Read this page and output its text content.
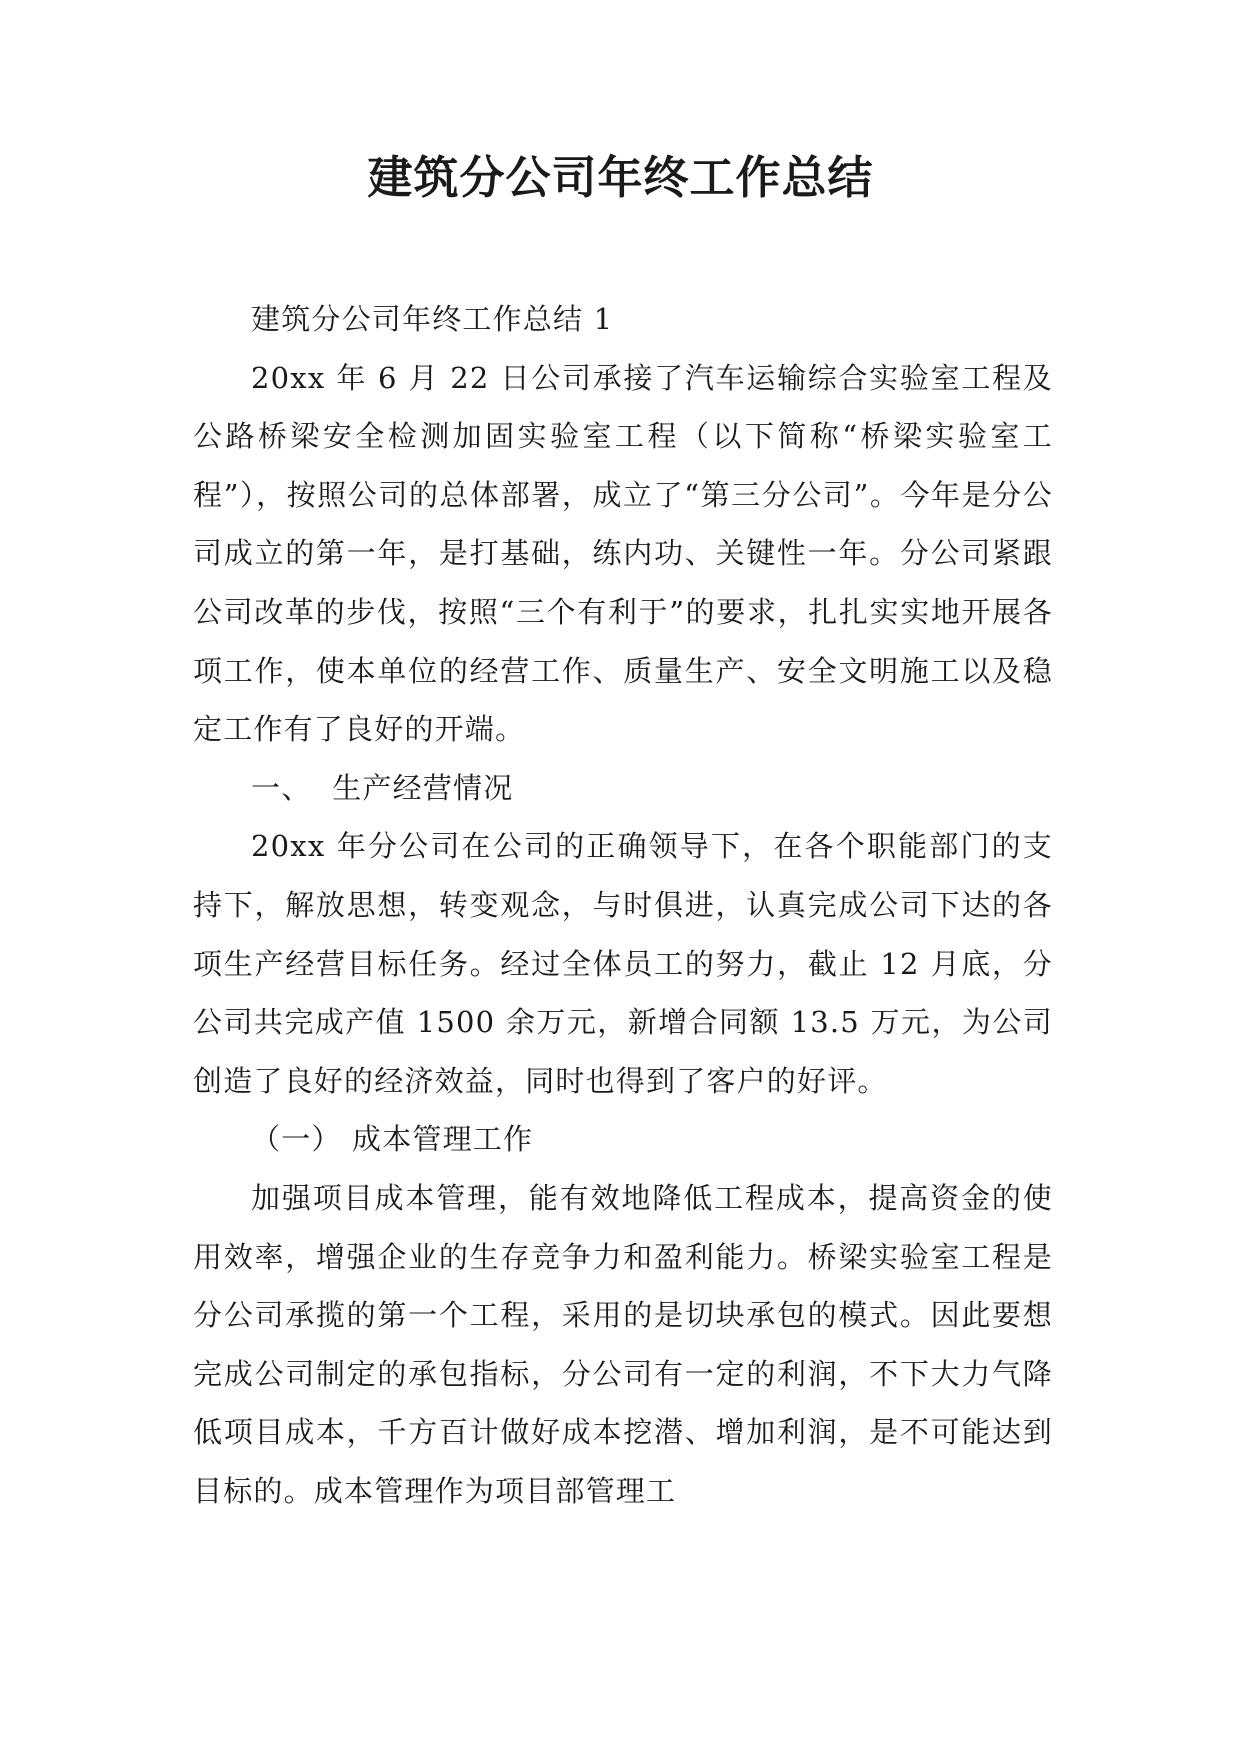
建筑分公司年终工作总结

建筑分公司年终工作总结 1

20xx 年 6 月 22 日公司承接了汽车运输综合实验室工程及公路桥梁安全检测加固实验室工程（以下简称“桥梁实验室工程”），按照公司的总体部署，成立了“第三分公司”。今年是分公司成立的第一年，是打基础，练内功、关键性一年。分公司紧跟公司改革的步伐，按照“三个有利于”的要求，扎扎实实地开展各项工作，使本单位的经营工作、质量生产、安全文明施工以及稳定工作有了良好的开端。

一、  生产经营情况

20xx 年分公司在公司的正确领导下，在各个职能部门的支持下，解放思想，转变观念，与时俱进，认真完成公司下达的各项生产经营目标任务。经过全体员工的努力，截止 12 月底，分公司共完成产值 1500 余万元，新增合同额 13.5 万元，为公司创造了良好的经济效益，同时也得到了客户的好评。

（一） 成本管理工作

加强项目成本管理，能有效地降低工程成本，提高资金的使用效率，增强企业的生存竞争力和盈利能力。桥梁实验室工程是分公司承揽的第一个工程，采用的是切块承包的模式。因此要想完成公司制定的承包指标，分公司有一定的利润，不下大力气降低项目成本，千方百计做好成本挖潜、增加利润，是不可能达到目标的。成本管理作为项目部管理工
